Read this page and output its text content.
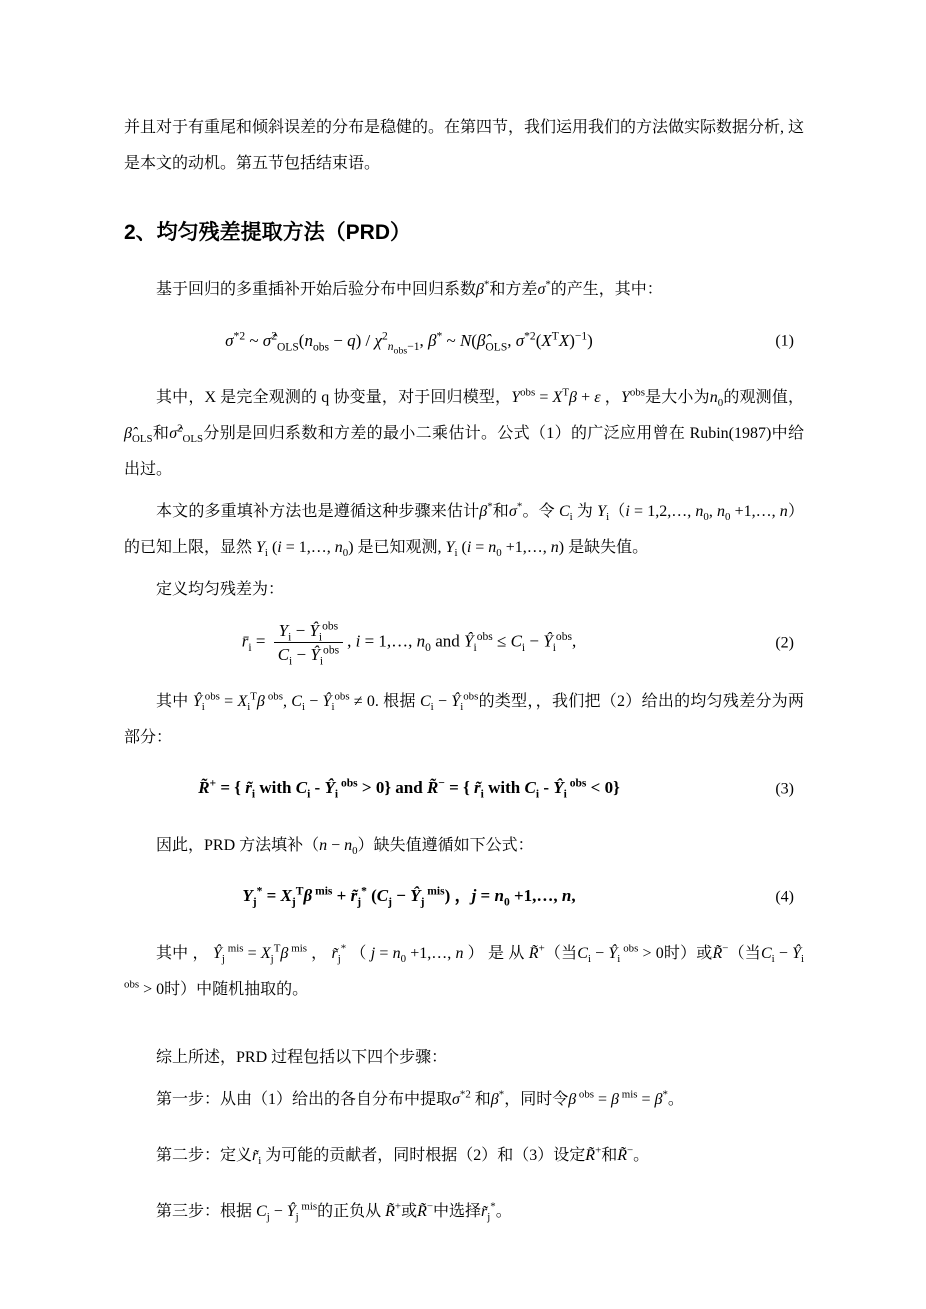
并且对于有重尾和倾斜误差的分布是稳健的。在第四节，我们运用我们的方法做实际数据分析, 这是本文的动机。第五节包括结束语。

2、均匀残差提取方法（PRD）

基于回归的多重插补开始后验分布中回归系数β*和方差σ*的产生，其中：

$\sigma^{*2}$ ~ $\sigmâ^2_{OLS}(n_{obs} - q) / \chi^2_{n_{obs}-1}$, β* ~ $N(\betâ_{OLS}$, $\sigma^{*2}(X^TX)^{-1}$)	(1)

其中，X 是完全观测的 q 协变量，对于回归模型，$Y^{obs} = X^T\beta + \varepsilon$ ，$Y^{obs}$是大小为$n_0$的观测值，$\betâ_{OLS}$和σ̂$^2_{OLS}$分别是回归系数和方差的最小二乘估计。公式（1）的广泛应用曾在 Rubin(1987)中给出过。

本文的多重填补方法也是遵循这种步骤来估计β*和σ*。令 $C_i$ 为 $Y_i(i$ = 1,2,…, $n_0$, $n_0$ +1,…, n）的已知上限，显然 $Y_i$ (i = 1,…, $n_0$) 是已知观测, $Y_i$ ($i = n_0$ +1,…, n) 是缺失值。

定义均匀残差为：

$r̄_i = \frac{Y_i - Ŷ_i^{obs}}{C_i - Ŷ_i^{obs}}$ , i = 1,…, $n_0$ and $Ŷ_i^{obs} \le C_i$ − $Ŷ_i^{obs}$,	(2)

其中 $Ŷ_i^{obs} = X_i^T\beta$ $^{obs}$, $C_i$ − $Ŷ_i^{obs} \ne 0$. 根据 $C_i$ − $Ŷ_i^{obs}$的类型，，我们把（2）给出的均匀残差分为两部分：

R̃+ = { $r̃_i$ with $C_i$ - $Ŷ_i$ $^{obs}$ > 0} and R̃− = { $r̃_i$ with $C_i$ - $Ŷ_i$ $^{obs}$ < 0}	(3)

因此，PRD 方法填补$(n - n_0)$缺失值遵循如下公式：

$Y_j^* = X_j^T\beta$ $^{mis} + r̃_j^*$ ($C_j$ − $Ŷ_j$ $^{mis}$) ，$j = n_0$ +1,…, n,	(4)

其中 ， $Ŷ_j$ $^{mis} = X_j^T\beta$ $^{mis}$ ， $r̃_j^*$ （ $j = n_0$ +1,…, n ） 是 从 R̃+（当$C_i$ − $Ŷ_i$ $^{obs}$ > 0时）或R̃−（当$C_i$ − $Ŷ_i$ $^{obs}$ > 0时）中随机抽取的。

综上所述，PRD 过程包括以下四个步骤：

第一步：从由（1）给出的各自分布中提取$\sigma^{*2}$ 和β*，同时令β $^{obs}$ = β $^{mis}$ = β*。

第二步：定义$r̃_i$ 为可能的贡献者，同时根据（2）和（3）设定R̃+和R̃−。

第三步：根据 $C_j$ − $Ŷ_j$ $^{mis}$的正负从 R̃+或R̃−中选择$r̃_j^*$。
